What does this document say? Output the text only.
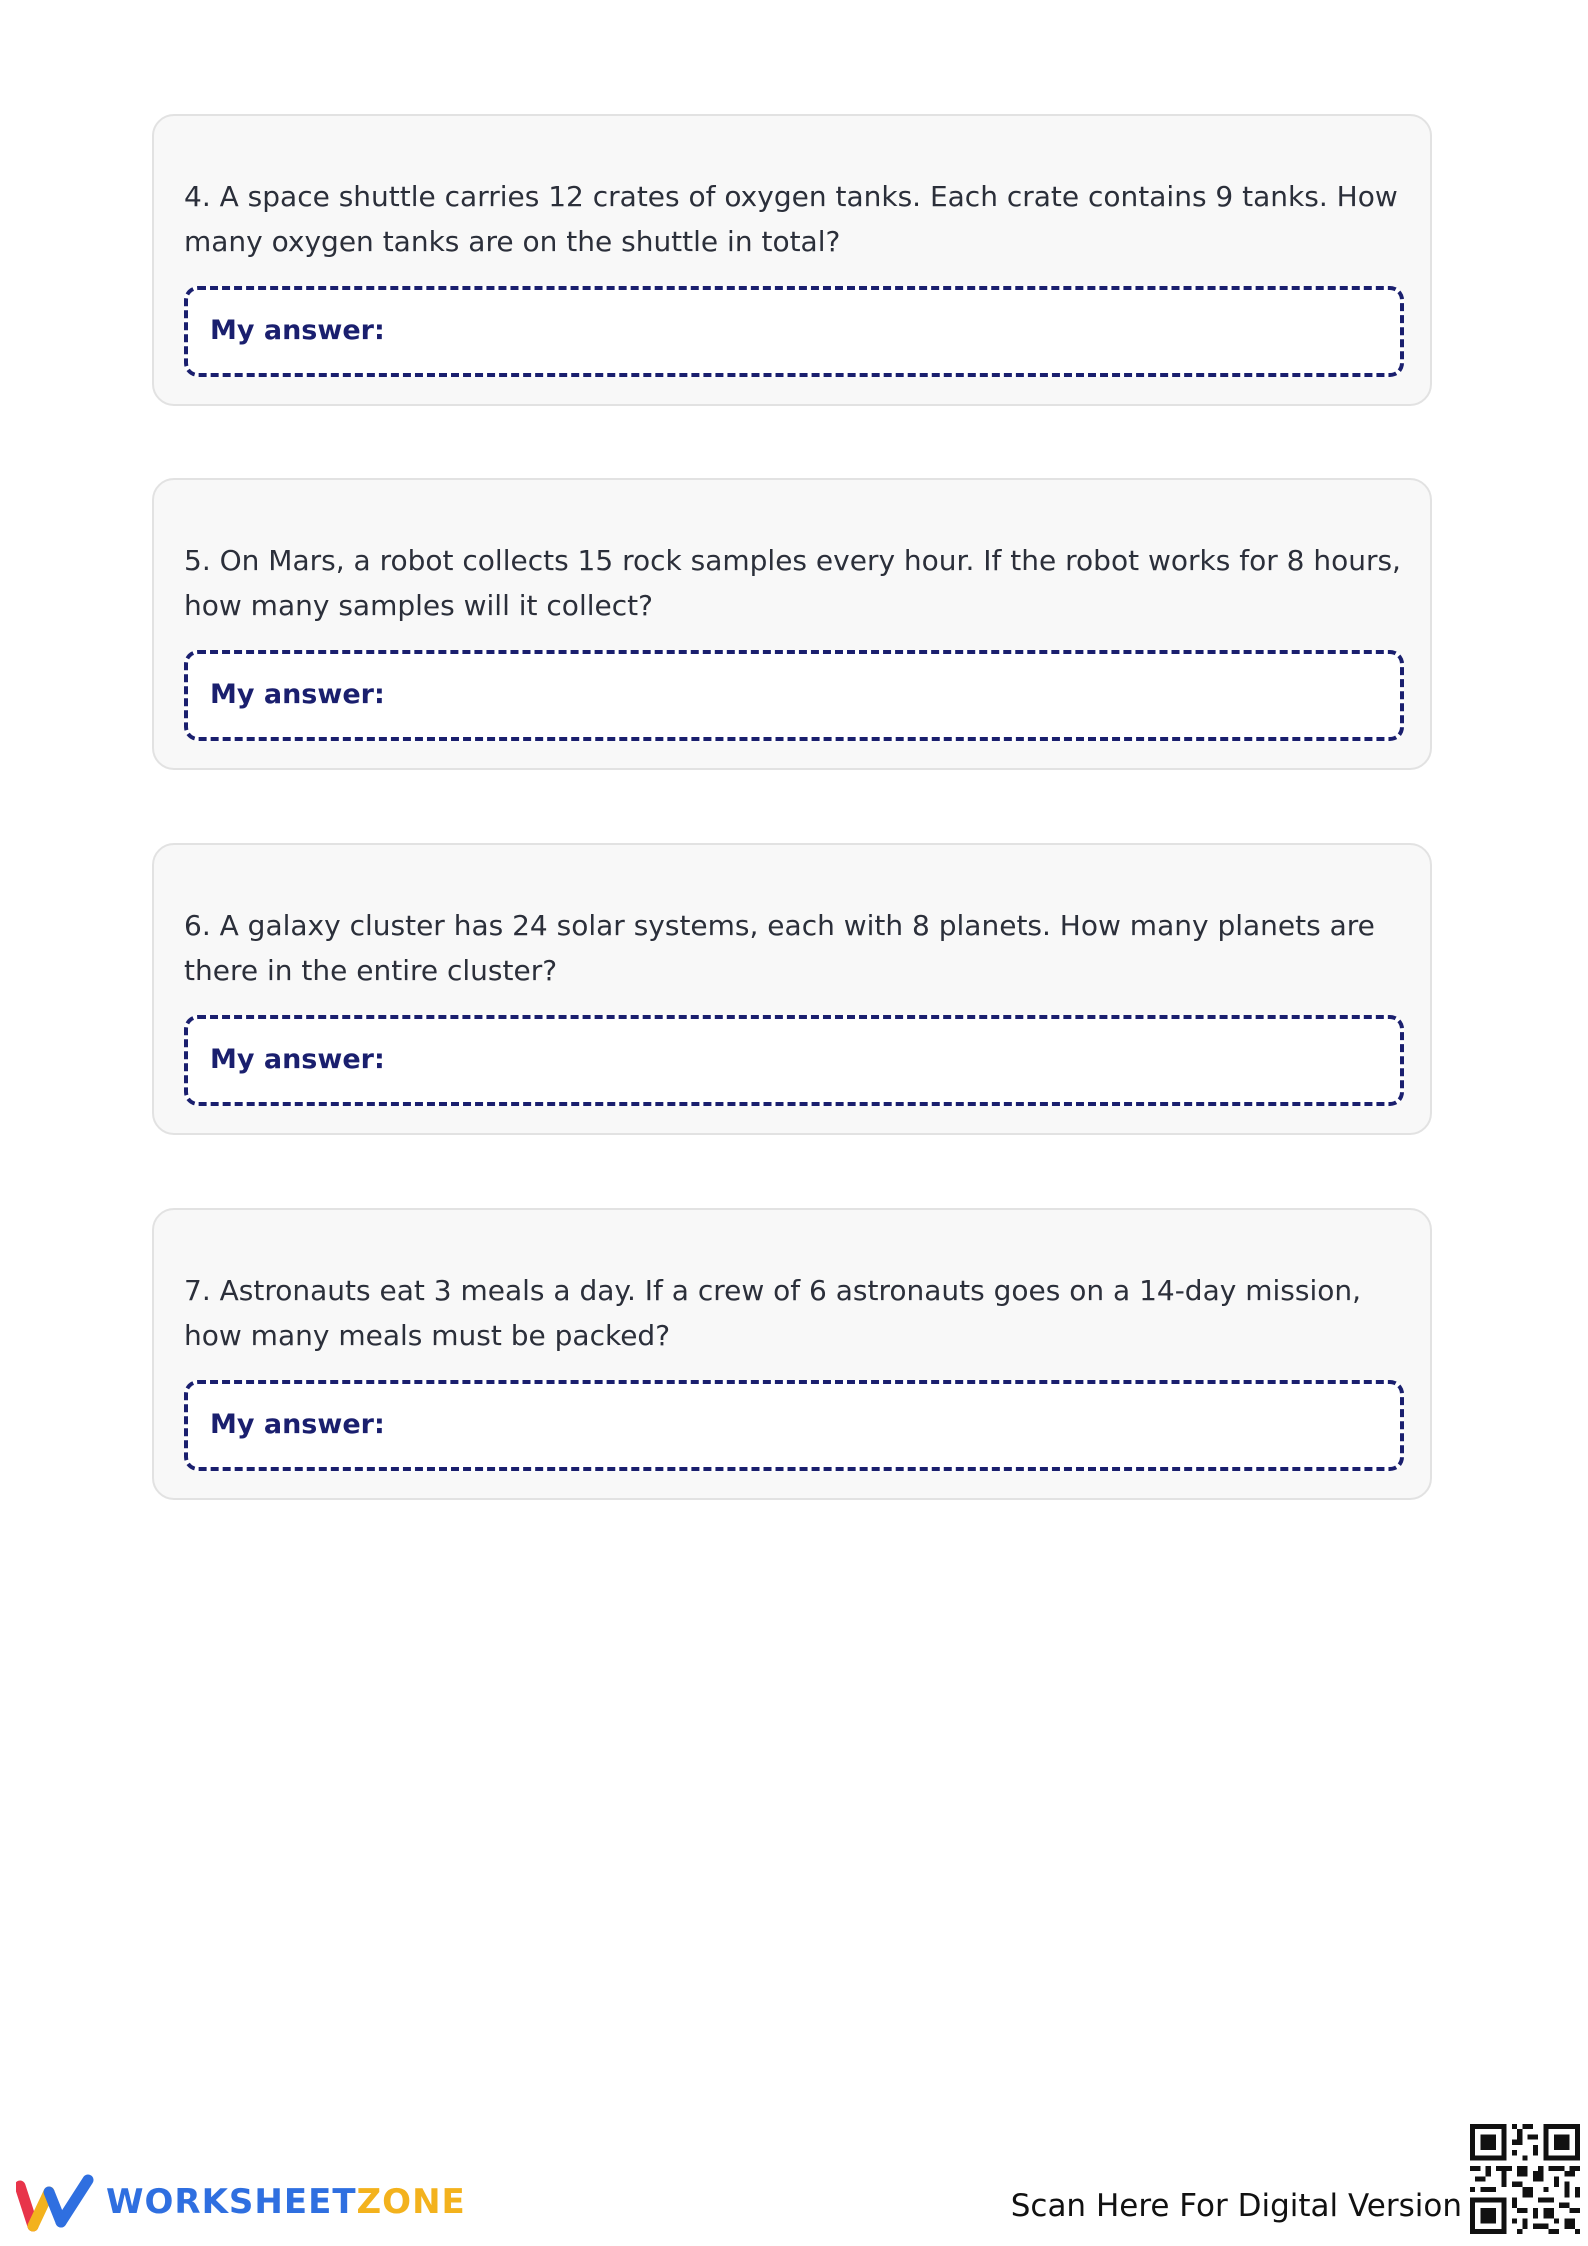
4. A space shuttle carries 12 crates of oxygen tanks. Each crate contains 9 tanks. How many oxygen tanks are on the shuttle in total?

My answer:

5. On Mars, a robot collects 15 rock samples every hour. If the robot works for 8 hours, how many samples will it collect?

My answer:

6. A galaxy cluster has 24 solar systems, each with 8 planets. How many planets are there in the entire cluster?

My answer:

7. Astronauts eat 3 meals a day. If a crew of 6 astronauts goes on a 14-day mission, how many meals must be packed?

My answer:
WORKSHEETZONE	Scan Here For Digital Version
